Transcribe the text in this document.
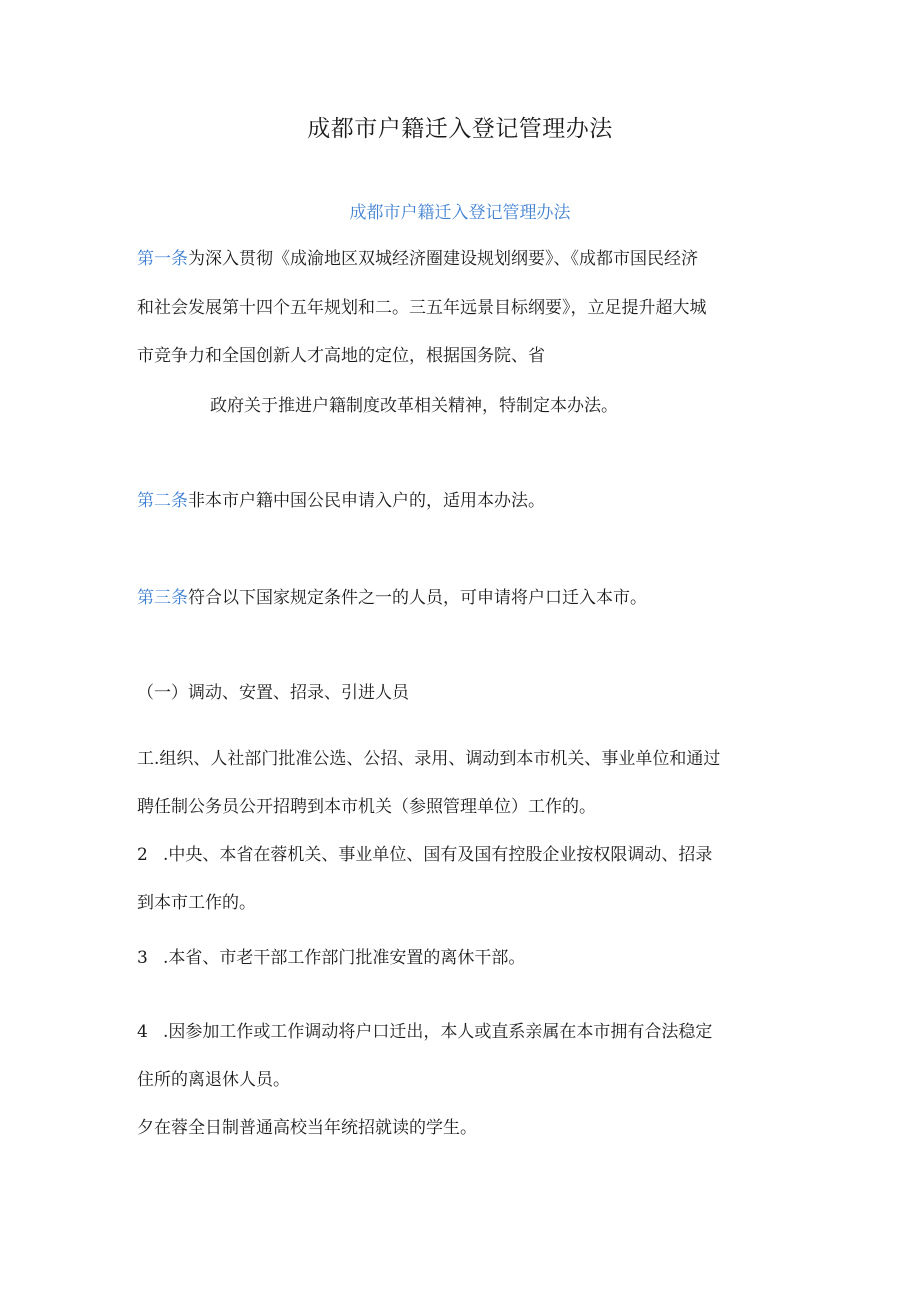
成都市户籍迁入登记管理办法
成都市户籍迁入登记管理办法
第一条为深入贯彻《成渝地区双城经济圈建设规划纲要》、《成都市国民经济
和社会发展第十四个五年规划和二。三五年远景目标纲要》，立足提升超大城
市竞争力和全国创新人才高地的定位，根据国务院、省
政府关于推进户籍制度改革相关精神，特制定本办法。
第二条非本市户籍中国公民申请入户的，适用本办法。
第三条符合以下国家规定条件之一的人员，可申请将户口迁入本市。
（一）调动、安置、招录、引进人员
工.组织、人社部门批准公选、公招、录用、调动到本市机关、事业单位和通过
聘任制公务员公开招聘到本市机关（参照管理单位）工作的。
2 .中央、本省在蓉机关、事业单位、国有及国有控股企业按权限调动、招录
到本市工作的。
3 .本省、市老干部工作部门批准安置的离休干部。
4 .因参加工作或工作调动将户口迁出，本人或直系亲属在本市拥有合法稳定
住所的离退休人员。
夕在蓉全日制普通高校当年统招就读的学生。
